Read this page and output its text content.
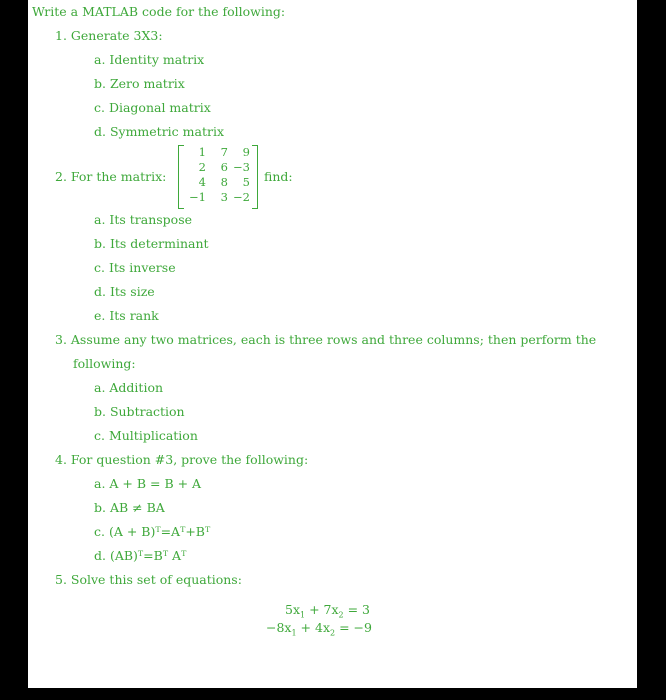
Write a MATLAB code for the following:
1. Generate 3X3:
a. Identity matrix
b. Zero matrix
c. Diagonal matrix
d. Symmetric matrix
2. For the matrix:
1	7	9
2	6 −3
4	8	5
−1	3 −2
find:
a. Its transpose
b. Its determinant
c. Its inverse
d. Its size
e. Its rank
3. Assume any two matrices, each is three rows and three columns; then perform the
following:
a. Addition
b. Subtraction
c. Multiplication
4. For question #3, prove the following:
a. A + B = B + A
b. AB ≠ BA
c. (A + B)ᵀ=Aᵀ+Bᵀ
d. (AB)ᵀ=Bᵀ Aᵀ
5. Solve this set of equations:
$5x_1 + 7x_2 = 3$
$-8x_1 + 4x_2 = -9$
